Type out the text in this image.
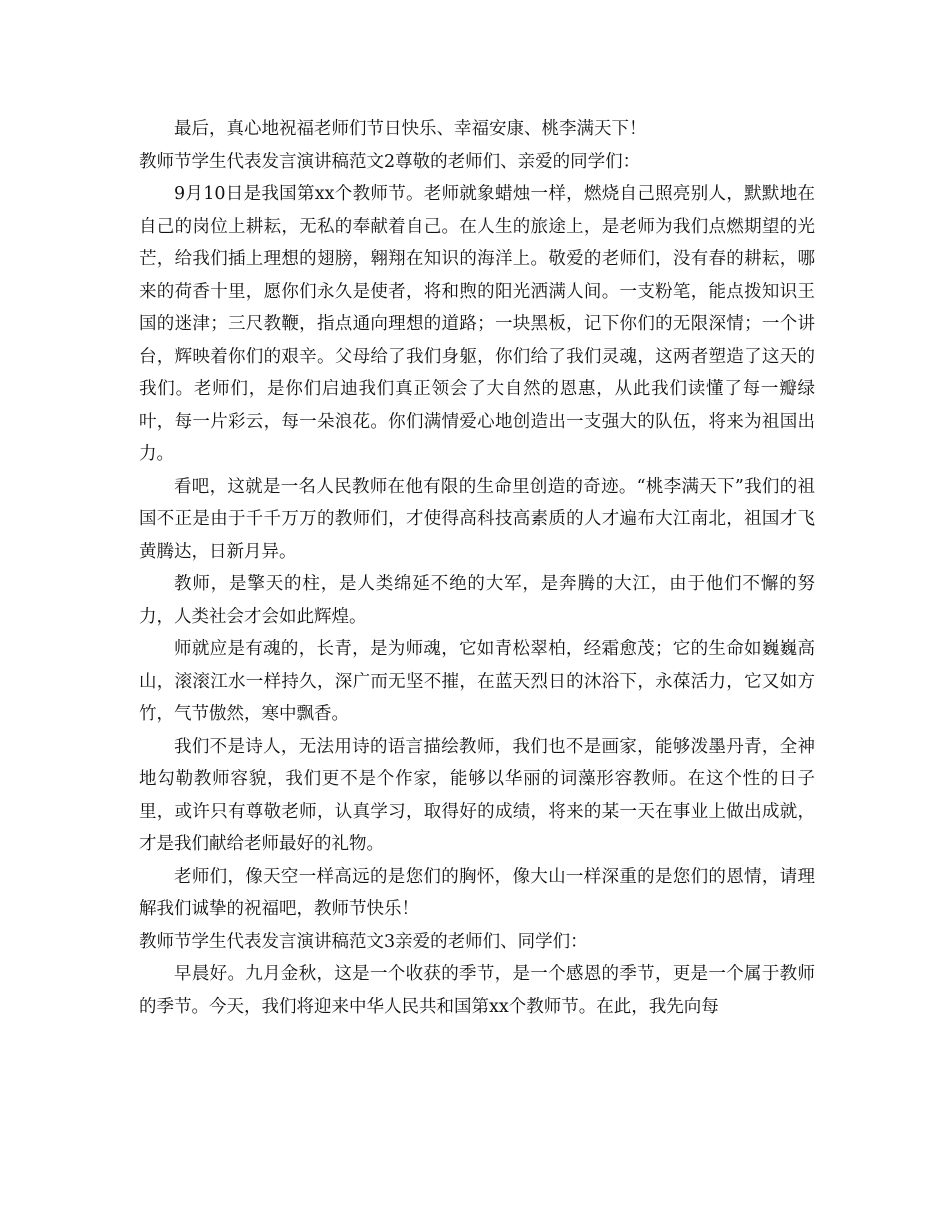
最后，真心地祝福老师们节日快乐、幸福安康、桃李满天下！

教师节学生代表发言演讲稿范文2尊敬的老师们、亲爱的同学们：

9月10日是我国第xx个教师节。老师就象蜡烛一样，燃烧自己照亮别人，默默地在自己的岗位上耕耘，无私的奉献着自己。在人生的旅途上，是老师为我们点燃期望的光芒，给我们插上理想的翅膀，翱翔在知识的海洋上。敬爱的老师们，没有春的耕耘，哪来的荷香十里，愿你们永久是使者，将和煦的阳光洒满人间。一支粉笔，能点拨知识王国的迷津；三尺教鞭，指点通向理想的道路；一块黑板，记下你们的无限深情；一个讲台，辉映着你们的艰辛。父母给了我们身躯，你们给了我们灵魂，这两者塑造了这天的我们。老师们，是你们启迪我们真正领会了大自然的恩惠，从此我们读懂了每一瓣绿叶，每一片彩云，每一朵浪花。你们满情爱心地创造出一支强大的队伍，将来为祖国出力。

看吧，这就是一名人民教师在他有限的生命里创造的奇迹。“桃李满天下”我们的祖国不正是由于千千万万的教师们，才使得高科技高素质的人才遍布大江南北，祖国才飞黄腾达，日新月异。

教师，是擎天的柱，是人类绵延不绝的大军，是奔腾的大江，由于他们不懈的努力，人类社会才会如此辉煌。

师就应是有魂的，长青，是为师魂，它如青松翠柏，经霜愈茂；它的生命如巍巍高山，滚滚江水一样持久，深广而无坚不摧，在蓝天烈日的沐浴下，永葆活力，它又如方竹，气节傲然，寒中飘香。

我们不是诗人，无法用诗的语言描绘教师，我们也不是画家，能够泼墨丹青，全神地勾勒教师容貌，我们更不是个作家，能够以华丽的词藻形容教师。在这个性的日子里，或许只有尊敬老师，认真学习，取得好的成绩，将来的某一天在事业上做出成就，才是我们献给老师最好的礼物。

老师们，像天空一样高远的是您们的胸怀，像大山一样深重的是您们的恩情，请理解我们诚挚的祝福吧，教师节快乐！

教师节学生代表发言演讲稿范文3亲爱的老师们、同学们：

早晨好。九月金秋，这是一个收获的季节，是一个感恩的季节，更是一个属于教师的季节。今天，我们将迎来中华人民共和国第xx个教师节。在此，我先向每
